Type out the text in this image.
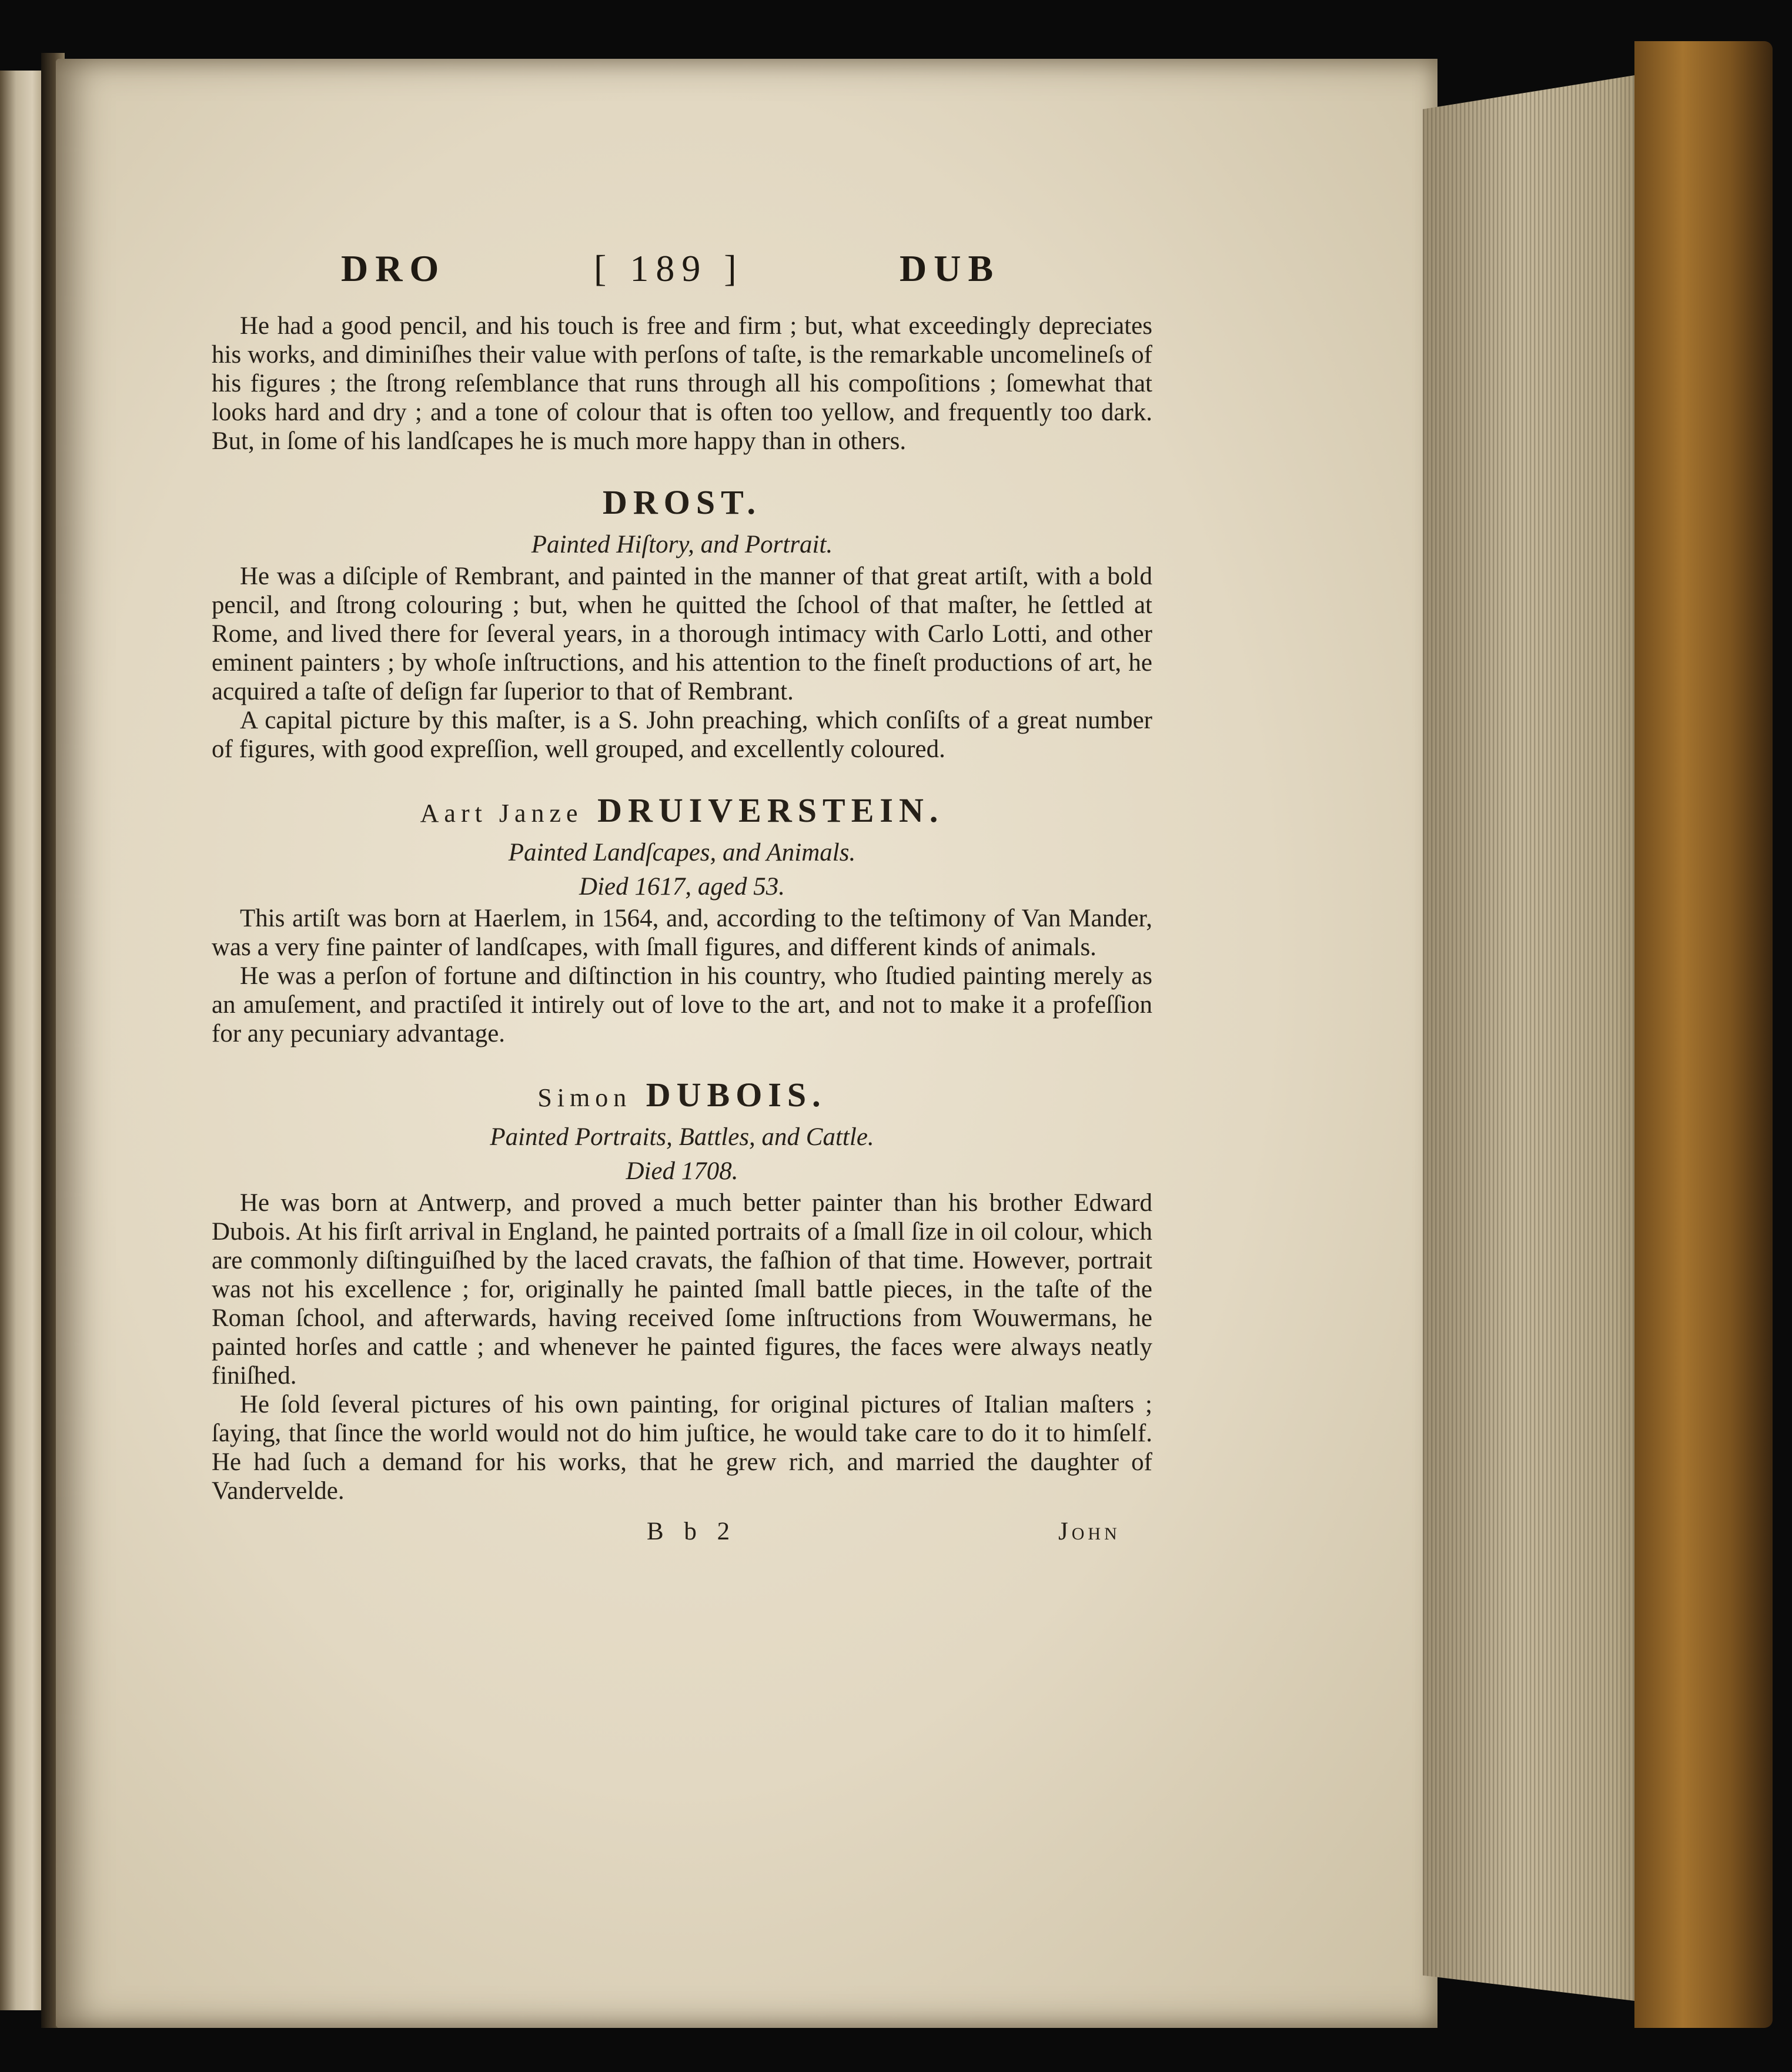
DRO	[ 189 ]	DUB

He had a good pencil, and his touch is free and firm ; but, what exceedingly depreciates his works, and diminiſhes their value with perſons of taſte, is the remarkable uncomelineſs of his figures ; the ſtrong reſemblance that runs through all his compoſitions ; ſomewhat that looks hard and dry ; and a tone of colour that is often too yellow, and frequently too dark. But, in ſome of his landſcapes he is much more happy than in others.

DROST.

Painted Hiſtory, and Portrait.

He was a diſciple of Rembrant, and painted in the manner of that great artiſt, with a bold pencil, and ſtrong colouring ; but, when he quitted the ſchool of that maſter, he ſettled at Rome, and lived there for ſeveral years, in a thorough intimacy with Carlo Lotti, and other eminent painters ; by whoſe inſtructions, and his attention to the fineſt productions of art, he acquired a taſte of deſign far ſuperior to that of Rembrant.

A capital picture by this maſter, is a S. John preaching, which conſiſts of a great number of figures, with good expreſſion, well grouped, and excellently coloured.

Aart Janze DRUIVERSTEIN.

Painted Landſcapes, and Animals.

Died 1617, aged 53.

This artiſt was born at Haerlem, in 1564, and, according to the teſtimony of Van Mander, was a very fine painter of landſcapes, with ſmall figures, and different kinds of animals.

He was a perſon of fortune and diſtinction in his country, who ſtudied painting merely as an amuſement, and practiſed it intirely out of love to the art, and not to make it a profeſſion for any pecuniary advantage.

Simon DUBOIS.

Painted Portraits, Battles, and Cattle.

Died 1708.

He was born at Antwerp, and proved a much better painter than his brother Edward Dubois. At his firſt arrival in England, he painted portraits of a ſmall ſize in oil colour, which are commonly diſtinguiſhed by the laced cravats, the faſhion of that time. However, portrait was not his excellence ; for, originally he painted ſmall battle pieces, in the taſte of the Roman ſchool, and afterwards, having received ſome inſtructions from Wouwermans, he painted horſes and cattle ; and whenever he painted figures, the faces were always neatly finiſhed.

He ſold ſeveral pictures of his own painting, for original pictures of Italian maſters ; ſaying, that ſince the world would not do him juſtice, he would take care to do it to himſelf. He had ſuch a demand for his works, that he grew rich, and married the daughter of Vandervelde.

B b 2	John
